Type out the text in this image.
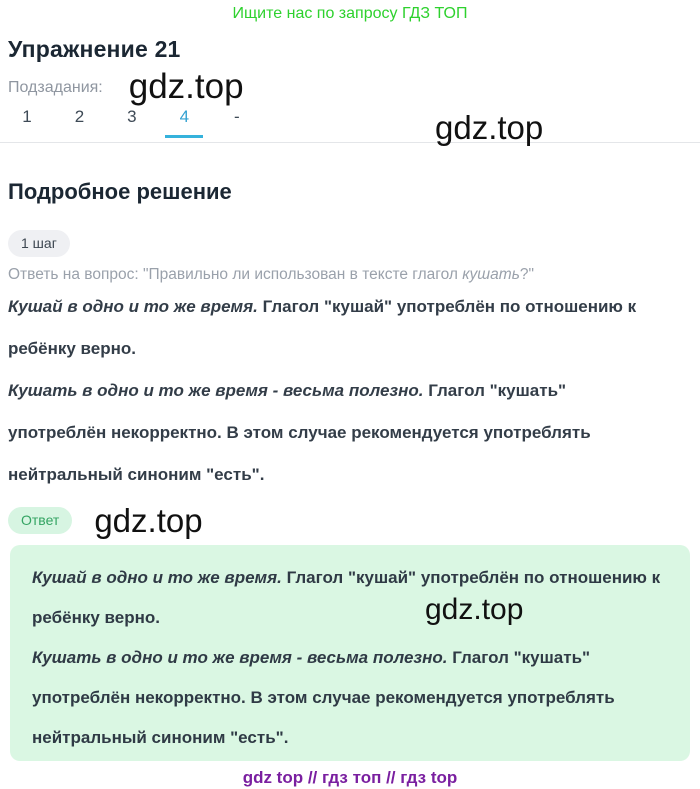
Ищите нас по запросу ГДЗ ТОП
Упражнение 21
Подзадания: gdz.top
1	2	3	4	-	gdz.top
Подробное решение
1 шаг
Ответь на вопрос: "Правильно ли использован в тексте глагол кушать?"

Кушай в одно и то же время. Глагол "кушай" употреблён по отношению к ребёнку верно.

Кушать в одно и то же время - весьма полезно. Глагол "кушать" употреблён некорректно. В этом случае рекомендуется употреблять нейтральный синоним "есть".

Ответ	gdz.top

Кушай в одно и то же время. Глагол "кушай" употреблён по отношению к ребёнку верно.

Кушать в одно и то же время - весьма полезно. Глагол "кушать" употреблён некорректно. В этом случае рекомендуется употреблять нейтральный синоним "есть".

gdz.top
gdz top // гдз топ // гдз top
